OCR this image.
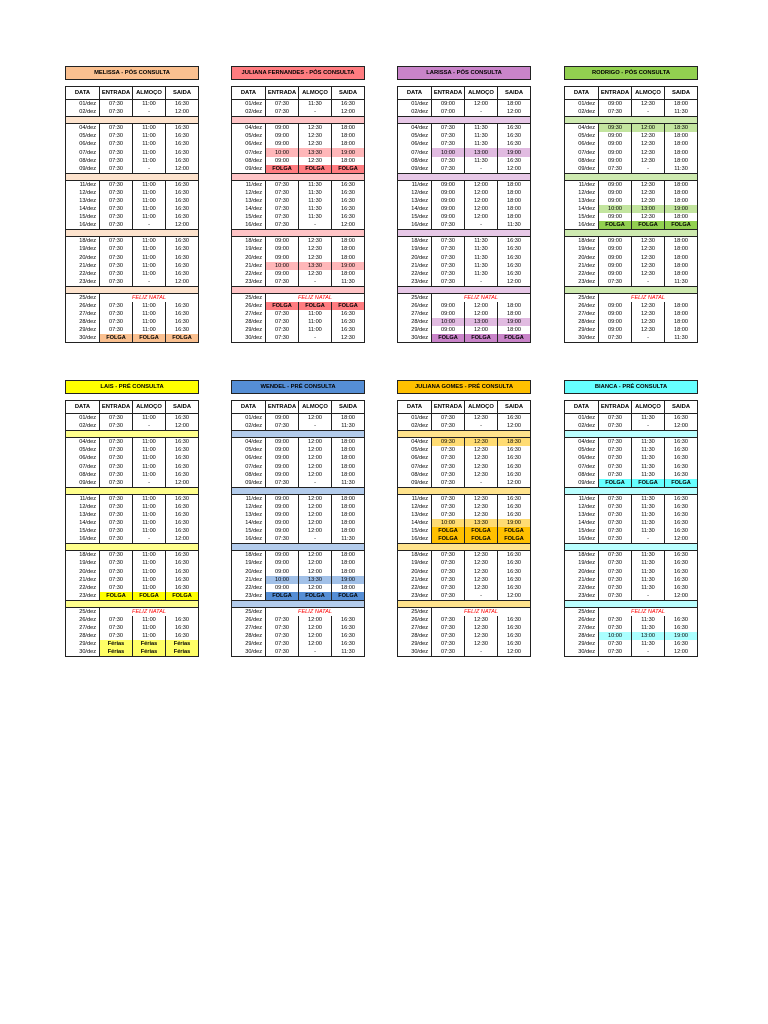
MELISSA - PÓS CONSULTA			

DATA	ENTRADA	ALMOÇO	SAIDA
01/dez	07:30	11:00	16:30
02/dez	07:30	-	12:00

04/dez	07:30	11:00	16:30
05/dez	07:30	11:00	16:30
06/dez	07:30	11:00	16:30
07/dez	07:30	11:00	16:30
08/dez	07:30	11:00	16:30
09/dez	07:30	-	12:00

11/dez	07:30	11:00	16:30
12/dez	07:30	11:00	16:30
13/dez	07:30	11:00	16:30
14/dez	07:30	11:00	16:30
15/dez	07:30	11:00	16:30
16/dez	07:30	-	12:00

18/dez	07:30	11:00	16:30
19/dez	07:30	11:00	16:30
20/dez	07:30	11:00	16:30
21/dez	07:30	11:00	16:30
22/dez	07:30	11:00	16:30
23/dez	07:30	-	12:00

25/dez	FELIZ NATAL		
26/dez	07:30	11:00	16:30
27/dez	07:30	11:00	16:30
28/dez	07:30	11:00	16:30
29/dez	07:30	11:00	16:30
30/dez	FOLGA	FOLGA	FOLGA
JULIANA FERNANDES - PÓS CONSULTA			

DATA	ENTRADA	ALMOÇO	SAIDA
01/dez	07:30	11:30	16:30
02/dez	07:30	-	12:00

04/dez	09:00	12:30	18:00
05/dez	09:00	12:30	18:00
06/dez	09:00	12:30	18:00
07/dez	10:00	13:30	19:00
08/dez	09:00	12:30	18:00
09/dez	FOLGA	FOLGA	FOLGA

11/dez	07:30	11:30	16:30
12/dez	07:30	11:30	16:30
13/dez	07:30	11:30	16:30
14/dez	07:30	11:30	16:30
15/dez	07:30	11:30	16:30
16/dez	07:30	-	12:00

18/dez	09:00	12:30	18:00
19/dez	09:00	12:30	18:00
20/dez	09:00	12:30	18:00
21/dez	10:00	13:30	19:00
22/dez	09:00	12:30	18:00
23/dez	07:30	-	11:30

25/dez	FELIZ NATAL		
26/dez	FOLGA	FOLGA	FOLGA
27/dez	07:30	11:00	16:30
28/dez	07:30	11:00	16:30
29/dez	07:30	11:00	16:30
30/dez	07:30	-	12:30
LARISSA - PÓS CONSULTA			

DATA	ENTRADA	ALMOÇO	SAIDA
01/dez	09:00	12:00	18:00
02/dez	07:00	-	12:00

04/dez	07:30	11:30	16:30
05/dez	07:30	11:30	16:30
06/dez	07:30	11:30	16:30
07/dez	10:00	13:00	19:00
08/dez	07:30	11:30	16:30
09/dez	07:30	-	12:00

11/dez	09:00	12:00	18:00
12/dez	09:00	12:00	18:00
13/dez	09:00	12:00	18:00
14/dez	09:00	12:00	18:00
15/dez	09:00	12:00	18:00
16/dez	07:30	-	11:30

18/dez	07:30	11:30	16:30
19/dez	07:30	11:30	16:30
20/dez	07:30	11:30	16:30
21/dez	07:30	11:30	16:30
22/dez	07:30	11:30	16:30
23/dez	07:30	-	12:00

25/dez	FELIZ NATAL		
26/dez	09:00	12:00	18:00
27/dez	09:00	12:00	18:00
28/dez	10:00	13:00	19:00
29/dez	09:00	12:00	18:00
30/dez	FOLGA	FOLGA	FOLGA
RODRIGO - PÓS CONSULTA			

DATA	ENTRADA	ALMOÇO	SAIDA
01/dez	09:00	12:30	18:00
02/dez	07:30	-	11:30

04/dez	09:30	12:00	18:30
05/dez	09:00	12:30	18:00
06/dez	09:00	12:30	18:00
07/dez	09:00	12:30	18:00
08/dez	09:00	12:30	18:00
09/dez	07:30	-	11:30

11/dez	09:00	12:30	18:00
12/dez	09:00	12:30	18:00
13/dez	09:00	12:30	18:00
14/dez	10:00	13:00	19:00
15/dez	09:00	12:30	18:00
16/dez	FOLGA	FOLGA	FOLGA

18/dez	09:00	12:30	18:00
19/dez	09:00	12:30	18:00
20/dez	09:00	12:30	18:00
21/dez	09:00	12:30	18:00
22/dez	09:00	12:30	18:00
23/dez	07:30	-	11:30

25/dez	FELIZ NATAL		
26/dez	09:00	12:30	18:00
27/dez	09:00	12:30	18:00
28/dez	09:00	12:30	18:00
29/dez	09:00	12:30	18:00
30/dez	07:30	-	11:30
LAIS - PRÉ CONSULTA			

DATA	ENTRADA	ALMOÇO	SAIDA
01/dez	07:30	11:00	16:30
02/dez	07:30	-	12:00

04/dez	07:30	11:00	16:30
05/dez	07:30	11:00	16:30
06/dez	07:30	11:00	16:30
07/dez	07:30	11:00	16:30
08/dez	07:30	11:00	16:30
09/dez	07:30	-	12:00

11/dez	07:30	11:00	16:30
12/dez	07:30	11:00	16:30
13/dez	07:30	11:00	16:30
14/dez	07:30	11:00	16:30
15/dez	07:30	11:00	16:30
16/dez	07:30	-	12:00

18/dez	07:30	11:00	16:30
19/dez	07:30	11:00	16:30
20/dez	07:30	11:00	16:30
21/dez	07:30	11:00	16:30
22/dez	07:30	11:00	16:30
23/dez	FOLGA	FOLGA	FOLGA

25/dez	FELIZ NATAL		
26/dez	07:30	11:00	16:30
27/dez	07:30	11:00	16:30
28/dez	07:30	11:00	16:30
29/dez	Férias	Férias	Férias
30/dez	Férias	Férias	Férias
WENDEL - PRÉ CONSULTA			

DATA	ENTRADA	ALMOÇO	SAIDA
01/dez	09:00	12:00	18:00
02/dez	07:30	-	11:30

04/dez	09:00	12:00	18:00
05/dez	09:00	12:00	18:00
06/dez	09:00	12:00	18:00
07/dez	09:00	12:00	18:00
08/dez	09:00	12:00	18:00
09/dez	07:30	-	11:30

11/dez	09:00	12:00	18:00
12/dez	09:00	12:00	18:00
13/dez	09:00	12:00	18:00
14/dez	09:00	12:00	18:00
15/dez	09:00	12:00	18:00
16/dez	07:30	-	11:30

18/dez	09:00	12:00	18:00
19/dez	09:00	12:00	18:00
20/dez	09:00	12:00	18:00
21/dez	10:00	13:30	19:00
22/dez	09:00	12:00	18:00
23/dez	FOLGA	FOLGA	FOLGA

25/dez	FELIZ NATAL		
26/dez	07:30	12:00	16:30
27/dez	07:30	12:00	16:30
28/dez	07:30	12:00	16:30
29/dez	07:30	12:00	16:30
30/dez	07:30	-	11:30
JULIANA GOMES - PRÉ CONSULTA			

DATA	ENTRADA	ALMOÇO	SAIDA
01/dez	07:30	12:30	16:30
02/dez	07:30	-	12:00

04/dez	09:30	12:30	18:30
05/dez	07:30	12:30	16:30
06/dez	07:30	12:30	16:30
07/dez	07:30	12:30	16:30
08/dez	07:30	12:30	16:30
09/dez	07:30	-	12:00

11/dez	07:30	12:30	16:30
12/dez	07:30	12:30	16:30
13/dez	07:30	12:30	16:30
14/dez	10:00	13:30	19:00
15/dez	FOLGA	FOLGA	FOLGA
16/dez	FOLGA	FOLGA	FOLGA

18/dez	07:30	12:30	16:30
19/dez	07:30	12:30	16:30
20/dez	07:30	12:30	16:30
21/dez	07:30	12:30	16:30
22/dez	07:30	12:30	16:30
23/dez	07:30	-	12:00

25/dez	FELIZ NATAL		
26/dez	07:30	12:30	16:30
27/dez	07:30	12:30	16:30
28/dez	07:30	12:30	16:30
29/dez	07:30	12:30	16:30
30/dez	07:30	-	12:00
BIANCA - PRÉ CONSULTA			

DATA	ENTRADA	ALMOÇO	SAIDA
01/dez	07:30	11:30	16:30
02/dez	07:30	-	12:00

04/dez	07:30	11:30	16:30
05/dez	07:30	11:30	16:30
06/dez	07:30	11:30	16:30
07/dez	07:30	11:30	16:30
08/dez	07:30	11:30	16:30
09/dez	FOLGA	FOLGA	FOLGA

11/dez	07:30	11:30	16:30
12/dez	07:30	11:30	16:30
13/dez	07:30	11:30	16:30
14/dez	07:30	11:30	16:30
15/dez	07:30	11:30	16:30
16/dez	07:30	-	12:00

18/dez	07:30	11:30	16:30
19/dez	07:30	11:30	16:30
20/dez	07:30	11:30	16:30
21/dez	07:30	11:30	16:30
22/dez	07:30	11:30	16:30
23/dez	07:30	-	12:00

25/dez	FELIZ NATAL		
26/dez	07:30	11:30	16:30
27/dez	07:30	11:30	16:30
28/dez	10:00	13:00	19:00
29/dez	07:30	11:30	16:30
30/dez	07:30	-	12:00
